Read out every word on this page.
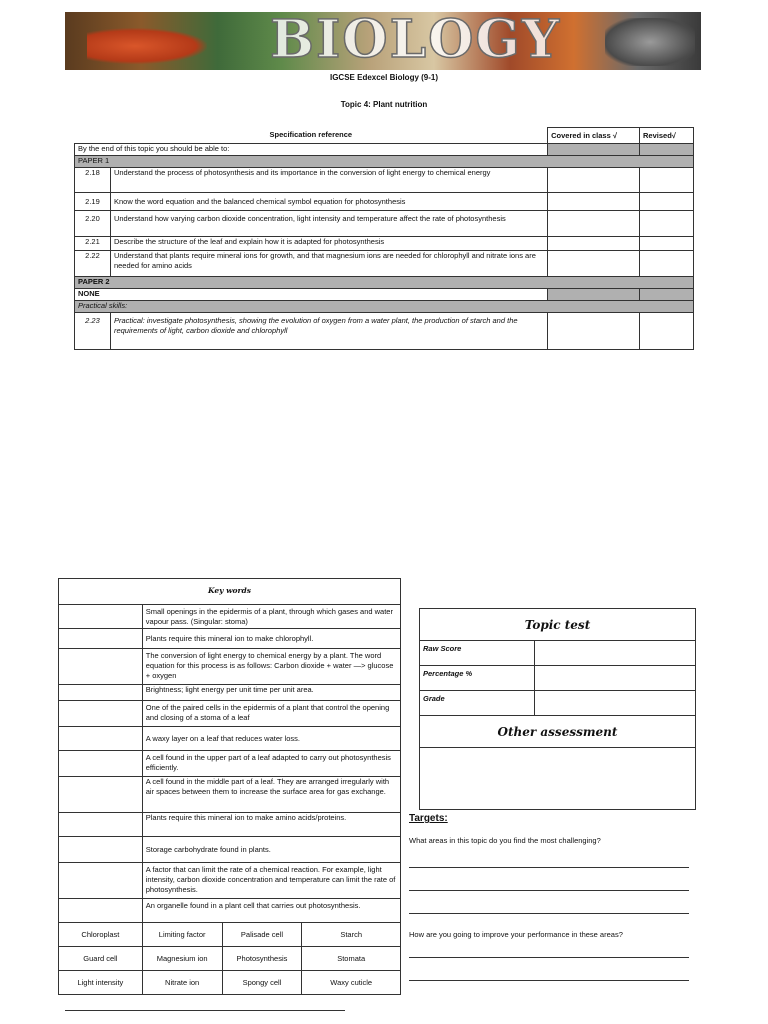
BIOLOGY
IGCSE Edexcel Biology (9-1)
Topic 4: Plant nutrition
Specification reference		Covered in class √	Revised√
By the end of this topic you should be able to:			
PAPER 1			
2.18	Understand the process of photosynthesis and its importance in the conversion of light energy to chemical energy		
2.19	Know the word equation and the balanced chemical symbol equation for photosynthesis		
2.20	Understand how varying carbon dioxide concentration, light intensity and temperature affect the rate of photosynthesis		
2.21	Describe the structure of the leaf and explain how it is adapted for photosynthesis		
2.22	Understand that plants require mineral ions for growth, and that magnesium ions are needed for chlorophyll and nitrate ions are needed for amino acids		
PAPER 2			
NONE			
Practical skills:			
2.23	Practical: investigate photosynthesis, showing the evolution of oxygen from a water plant, the production of starch and the requirements of light, carbon dioxide and chlorophyll		
Key words			
	Small openings in the epidermis of a plant, through which gases and water vapour pass. (Singular: stoma)		
	Plants require this mineral ion to make chlorophyll.		
	The conversion of light energy to chemical energy by a plant. The word equation for this process is as follows: Carbon dioxide + water —> glucose + oxygen		
	Brightness; light energy per unit time per unit area.		
	One of the paired cells in the epidermis of a plant that control the opening and closing of a stoma of a leaf		
	A waxy layer on a leaf that reduces water loss.		
	A cell found in the upper part of a leaf adapted to carry out photosynthesis efficiently.		
	A cell found in the middle part of a leaf. They are arranged irregularly with air spaces between them to increase the surface area for gas exchange.		
	Plants require this mineral ion to make amino acids/proteins.		
	Storage carbohydrate found in plants.		
	A factor that can limit the rate of a chemical reaction. For example, light intensity, carbon dioxide concentration and temperature can limit the rate of photosynthesis.		
	An organelle found in a plant cell that carries out photosynthesis.		
Chloroplast	Limiting factor	Palisade cell	Starch
Guard cell	Magnesium ion	Photosynthesis	Stomata
Light intensity	Nitrate ion	Spongy cell	Waxy cuticle
Topic test	
Raw Score	
Percentage %	
Grade	
Other assessment	

Targets:
What areas in this topic do you find the most challenging?
How are you going to improve your performance in these areas?
